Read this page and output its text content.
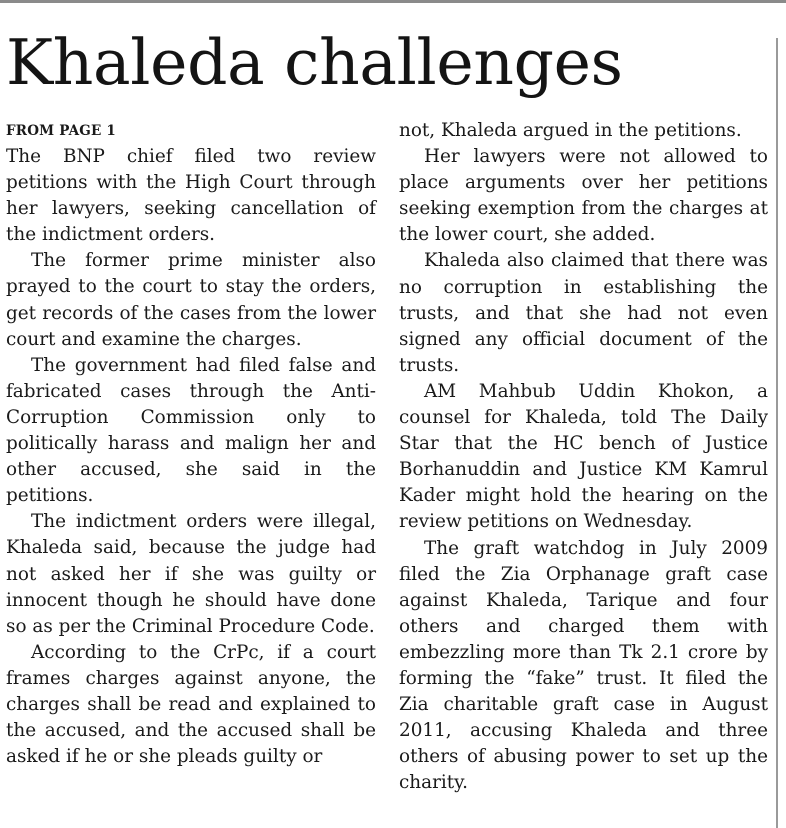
Khaleda challenges
FROM PAGE 1

The BNP chief filed two review petitions with the High Court through her lawyers, seeking cancellation of the indictment orders.

The former prime minister also prayed to the court to stay the orders, get records of the cases from the lower court and examine the charges.

The government had filed false and fabricated cases through the Anti-Corruption Commission only to politically harass and malign her and other accused, she said in the petitions.

The indictment orders were illegal, Khaleda said, because the judge had not asked her if she was guilty or innocent though he should have done so as per the Criminal Procedure Code.

According to the CrPc, if a court frames charges against anyone, the charges shall be read and explained to the accused, and the accused shall be asked if he or she pleads guilty or

not, Khaleda argued in the petitions.

Her lawyers were not allowed to place arguments over her petitions seeking exemption from the charges at the lower court, she added.

Khaleda also claimed that there was no corruption in establishing the trusts, and that she had not even signed any official document of the trusts.

AM Mahbub Uddin Khokon, a counsel for Khaleda, told The Daily Star that the HC bench of Justice Borhanuddin and Justice KM Kamrul Kader might hold the hearing on the review petitions on Wednesday.

The graft watchdog in July 2009 filed the Zia Orphanage graft case against Khaleda, Tarique and four others and charged them with embezzling more than Tk 2.1 crore by forming the “fake” trust. It filed the Zia charitable graft case in August 2011, accusing Khaleda and three others of abusing power to set up the charity.
